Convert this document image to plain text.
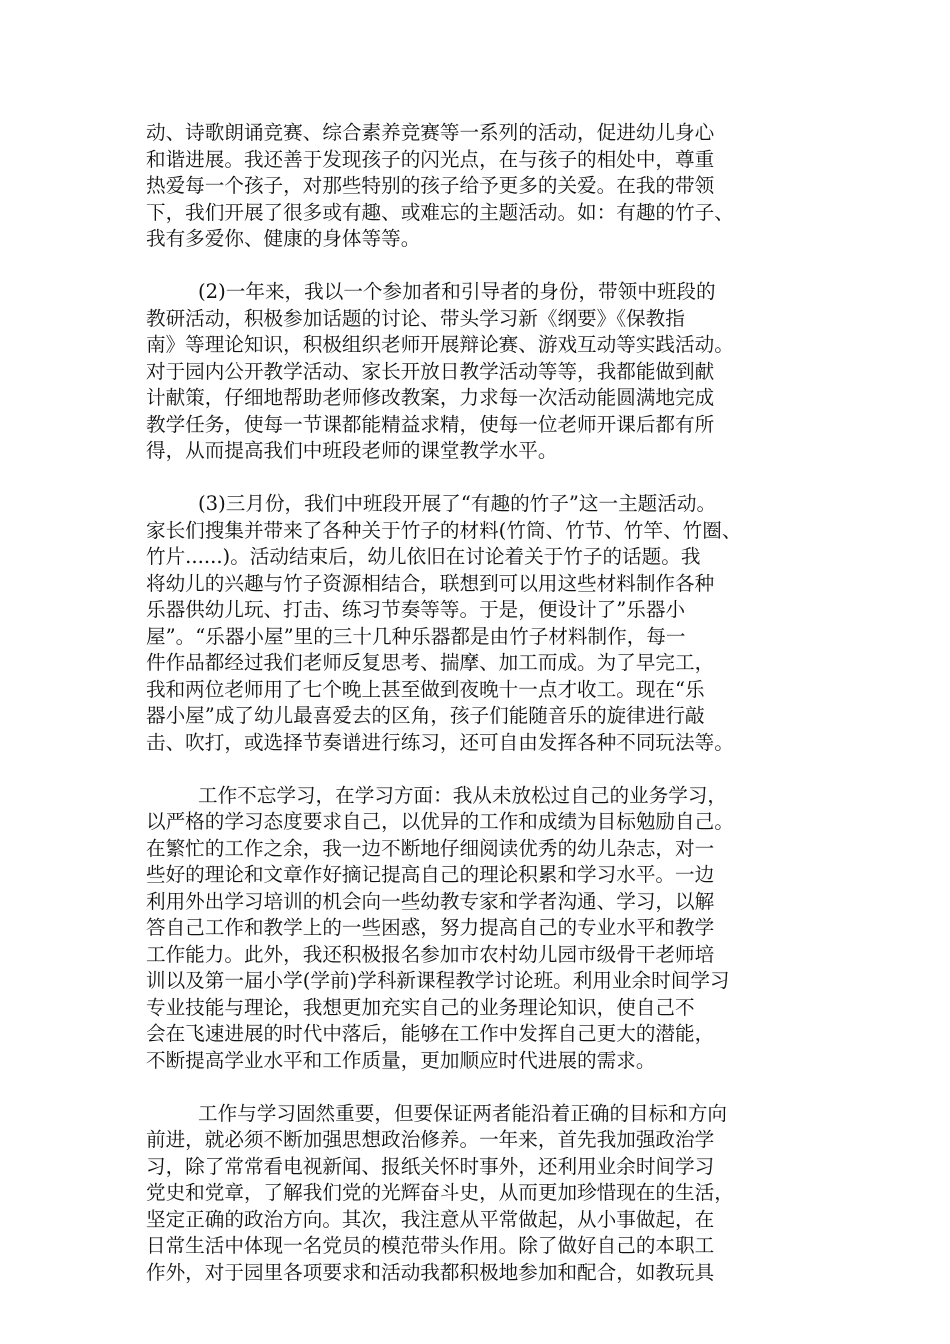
动、诗歌朗诵竞赛、综合素养竞赛等一系列的活动，促进幼儿身心
和谐进展。我还善于发现孩子的闪光点，在与孩子的相处中，尊重
热爱每一个孩子，对那些特别的孩子给予更多的关爱。在我的带领
下，我们开展了很多或有趣、或难忘的主题活动。如：有趣的竹子、
我有多爱你、健康的身体等等。
(2)一年来，我以一个参加者和引导者的身份，带领中班段的
教研活动，积极参加话题的讨论、带头学习新《纲要》《保教指
南》等理论知识，积极组织老师开展辩论赛、游戏互动等实践活动。
对于园内公开教学活动、家长开放日教学活动等等，我都能做到献
计献策，仔细地帮助老师修改教案，力求每一次活动能圆满地完成
教学任务，使每一节课都能精益求精，使每一位老师开课后都有所
得，从而提高我们中班段老师的课堂教学水平。
(3)三月份，我们中班段开展了“有趣的竹子”这一主题活动。
家长们搜集并带来了各种关于竹子的材料(竹筒、竹节、竹竿、竹圈、
竹片......)。活动结束后，幼儿依旧在讨论着关于竹子的话题。我
将幼儿的兴趣与竹子资源相结合，联想到可以用这些材料制作各种
乐器供幼儿玩、打击、练习节奏等等。于是，便设计了”乐器小
屋”。“乐器小屋”里的三十几种乐器都是由竹子材料制作，每一
件作品都经过我们老师反复思考、揣摩、加工而成。为了早完工，
我和两位老师用了七个晚上甚至做到夜晚十一点才收工。现在“乐
器小屋”成了幼儿最喜爱去的区角，孩子们能随音乐的旋律进行敲
击、吹打，或选择节奏谱进行练习，还可自由发挥各种不同玩法等。
工作不忘学习，在学习方面：我从未放松过自己的业务学习，
以严格的学习态度要求自己，以优异的工作和成绩为目标勉励自己。
在繁忙的工作之余，我一边不断地仔细阅读优秀的幼儿杂志，对一
些好的理论和文章作好摘记提高自己的理论积累和学习水平。一边
利用外出学习培训的机会向一些幼教专家和学者沟通、学习，以解
答自己工作和教学上的一些困惑，努力提高自己的专业水平和教学
工作能力。此外，我还积极报名参加市农村幼儿园市级骨干老师培
训以及第一届小学(学前)学科新课程教学讨论班。利用业余时间学习
专业技能与理论，我想更加充实自己的业务理论知识，使自己不
会在飞速进展的时代中落后，能够在工作中发挥自己更大的潜能，
不断提高学业水平和工作质量，更加顺应时代进展的需求。
工作与学习固然重要，但要保证两者能沿着正确的目标和方向
前进，就必须不断加强思想政治修养。一年来，首先我加强政治学
习，除了常常看电视新闻、报纸关怀时事外，还利用业余时间学习
党史和党章，了解我们党的光辉奋斗史，从而更加珍惜现在的生活，
坚定正确的政治方向。其次，我注意从平常做起，从小事做起，在
日常生活中体现一名党员的模范带头作用。除了做好自己的本职工
作外，对于园里各项要求和活动我都积极地参加和配合，如教玩具
